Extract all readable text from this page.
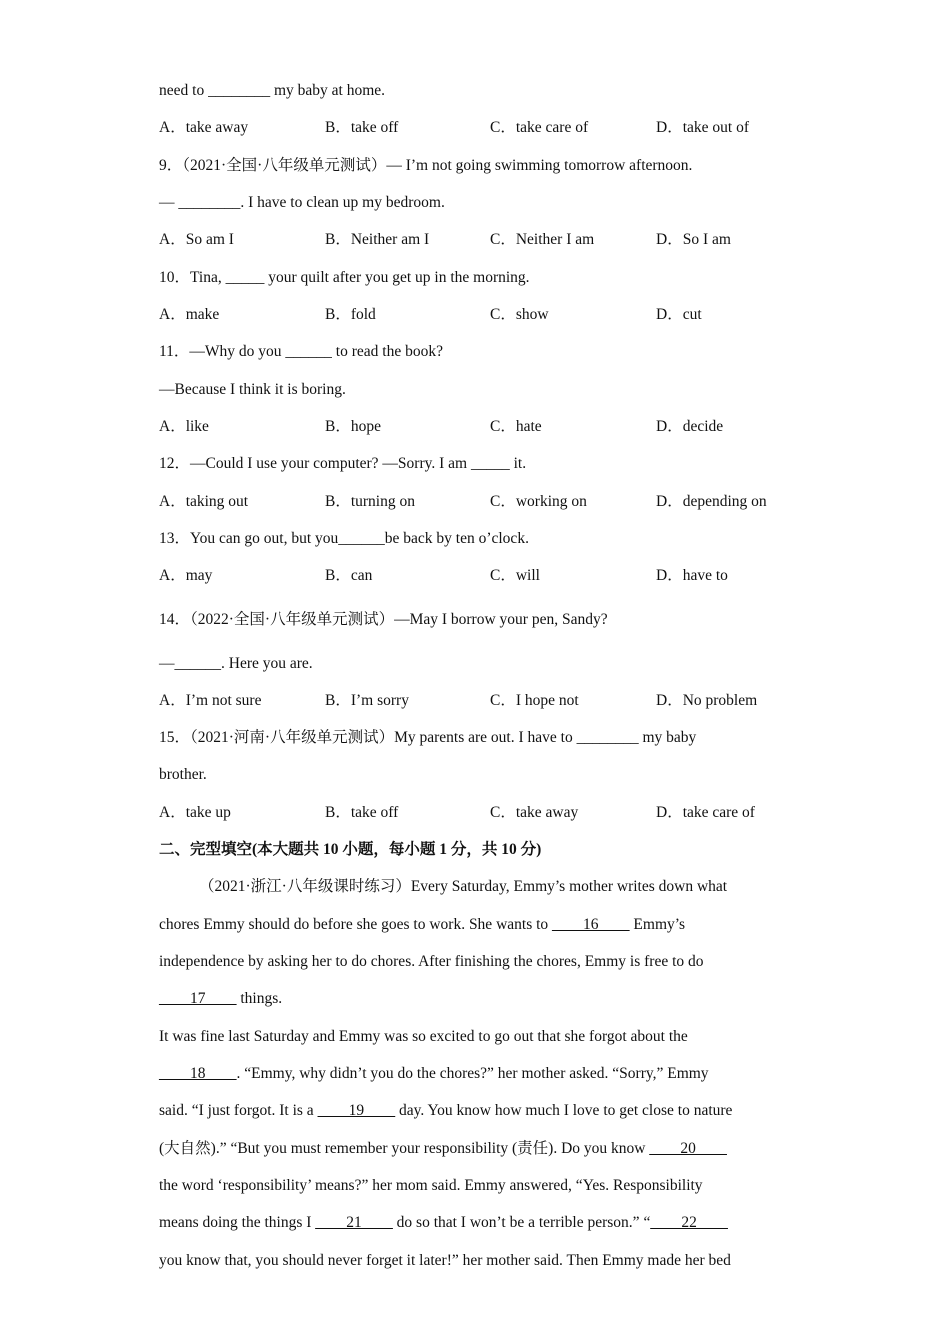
need to ________ my baby at home.
A．take away	B．take off	C．take care of	D．take out of
9．（2021·全国·八年级单元测试）— I’m not going swimming tomorrow afternoon.
— ________. I have to clean up my bedroom.
A．So am I	B．Neither am I	C．Neither I am	D．So I am
10．Tina, _____ your quilt after you get up in the morning.
A．make	B．fold	C．show	D．cut
11．—Why do you ______ to read the book?
—Because I think it is boring.
A．like	B．hope	C．hate	D．decide
12．—Could I use your computer? —Sorry. I am _____ it.
A．taking out	B．turning on	C．working on	D．depending on
13．You can go out, but you______be back by ten o’clock.
A．may	B．can	C．will	D．have to
14．（2022·全国·八年级单元测试）—May I borrow your pen, Sandy?
—______. Here you are.
A．I’m not sure	B．I’m sorry	C．I hope not	D．No problem
15．（2021·河南·八年级单元测试）My parents are out. I have to ________ my baby
brother.
A．take up	B．take off	C．take away	D．take care of
二、完型填空(本大题共 10 小题，每小题 1 分，共 10 分)
（2021·浙江·八年级课时练习）Every Saturday, Emmy’s mother writes down what
chores Emmy should do before she goes to work. She wants to ____16____ Emmy’s
independence by asking her to do chores. After finishing the chores, Emmy is free to do
____17____ things.
It was fine last Saturday and Emmy was so excited to go out that she forgot about the
____18____. “Emmy, why didn’t you do the chores?” her mother asked. “Sorry,” Emmy
said. “I just forgot. It is a ____19____ day. You know how much I love to get close to nature
(大自然).” “But you must remember your responsibility (责任). Do you know ____20____
the word ‘responsibility’ means?” her mom said. Emmy answered, “Yes. Responsibility
means doing the things I ____21____ do so that I won’t be a terrible person.” “____22____
you know that, you should never forget it later!” her mother said. Then Emmy made her bed
